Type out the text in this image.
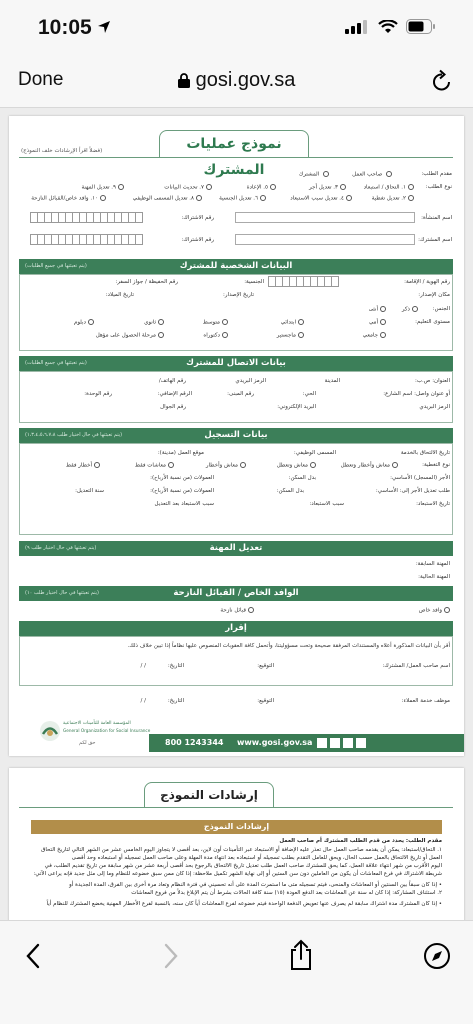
10:05
Done	gosi.gov.sa
نموذج عمليات المشترك
(فضلاً اقرأ الإرشادات خلف النموذج)
مقدم الطلب:
صاحب العمل
المشترك
نوع الطلب:
١. التحاق / استبعاد
٣. تعديل أجر
٥. الإعادة
٧. تحديث البيانات
٩. تعديل المهنة
٢. تعديل تغطية
٤. تعديل سبب الاستبعاد
٦. تعديل الجنسية
٨. تعديل المسمى الوظيفي
١٠. وافد خاص/القبائل النازحة
اسم المنشأة:
رقم الاشتراك:
اسم المشترك:
رقم الاشتراك:
البيانات الشخصية للمشترك
(يتم تعبئتها في جميع الطلبات)
رقم الهوية / الإقامة:
الجنسية:
رقم الحفيظة / جواز السفر:
مكان الإصدار:
تاريخ الإصدار:
تاريخ الميلاد:
الجنس:
ذكر
أنثى
مستوى التعليم:
أمي
ابتدائي
متوسط
ثانوي
دبلوم
جامعي
ماجستير
دكتوراه
مرحلة الحصول على مؤهل
بيانات الاتصال للمشترك
(يتم تعبئتها في جميع الطلبات)
العنوان: ص.ب:
المدينة
الرمز البريدي
رقم الهاتف/
أو عنوان واصل: اسم الشارع:
الحي:
رقم المبنى:
الرقم الإضافي:
رقم الوحدة:
الرمز البريدي
البريد الإلكتروني:
رقم الجوال
بيانات التسجيل
(يتم تعبئتها في حال اختيار طلب ١،٣،٤،٥،٦،٧،٨)
تاريخ الالتحاق بالخدمة
المسمى الوظيفي:
موقع العمل (مدينة):
نوع التغطية:
معاش وأخطار وتعطل
معاش وتعطل
معاش وأخطار
معاشات فقط
أخطار فقط
الأجر (المسجل) الأساسي:
بدل السكن:
العمولات (من نسبة الأرباح):
طلب تعديل الأجر إلى: الأساسي:
بدل السكن:
العمولات (من نسبة الأرباح):
سنة التعديل:
تاريخ الاستبعاد:
سبب الاستبعاد:
سبب الاستبعاد بعد التعديل
تعديل المهنة
(يتم تعبئتها في حال اختيار طلب ٩)
المهنة السابقة:
المهنة الحالية:
الوافد الخاص / القبائل النازحة
(يتم تعبئتها في حال اختيار طلب ١٠)
وافد خاص
قبائل نازحة
إقرار
أقر بأن البيانات المذكورة أعلاه والمستندات المرفقة صحيحة وتحت مسؤوليتنا، وأتحمل كافة العقوبات المنصوص عليها نظاماً إذا تبين خلاف ذلك.
اسم صاحب العمل/ المشترك:
التوقيع:
التاريخ:
/ /
موظف خدمة العملاء:
التوقيع:
التاريخ:
/ /
المؤسسة العامة للتأمينات الاجتماعية
General Organization for Social Insurance
حق لكم	800 1243344 www.gosi.gov.sa
إرشادات النموذج
إرشادات النموذج
مقدم الطلب: يحدد من قدم الطلب المشترك أم صاحب العمل
١. التحاق/استبعاد: يمكن أن يقدمه صاحب العمل حال تعذر عليه الإضافة أو الاستبعاد عبر التأمينات أون لاين، بعد أقصى لا يتجاوز اليوم الخامس عشر من الشهر التالي لتاريخ التحاق
العمل أو تاريخ الالتحاق بالعمل حسب الحال، ويحق للعامل التقدم بطلب تسجيله أو استبعاده بعد انتهاء مدة المهلة وعلى صاحب العمل تسجيله أو استبعاده وحد أقصى
اليوم الأقرب من شهر انتهاء علاقة العمل، كما يحق للمشترك صاحب العمل طلب تعديل تاريخ الالتحاق بالرجوع بحد أقصى أربعة عشر من شهر سابقة من تاريخ تقديم الطلب، في
شريطة الاشتراك في فرع المعاشات أن يكون من العاملين دون سن الستين أو إلى نهاية الشهر تكميل ملاحظة: إذا كان ممن سبق خضوعه للنظام وما إلى مثل جديد فإنه يراعى الآتي:
• إذا كان سبقاً بين السنتين أو المعاشات والمنحى، فيتم تسجيله متى ما استمرت المدة على أنه تحسيني في فترة النظام وتعاد مرة أخرى بين الفرق، المدة الجديدة أو
٢. استئناف المشاركة: إذا كان له سنة عن المعاشات بعد الدفع العودة (١٥) سنة كافة الحالات بشرط أن يتم الإبلاغ بدلاً من فروع المعاشات
• إذا كان المشترك مدة اشتراك سابقة لم يصرف عنها تعويض الدفعة الواحدة فيتم خضوعه لفرع المعاشات أياً كان سنه، بالنسبة لفرع الأخطار المهنية يخضع المشترك للنظام أياً
